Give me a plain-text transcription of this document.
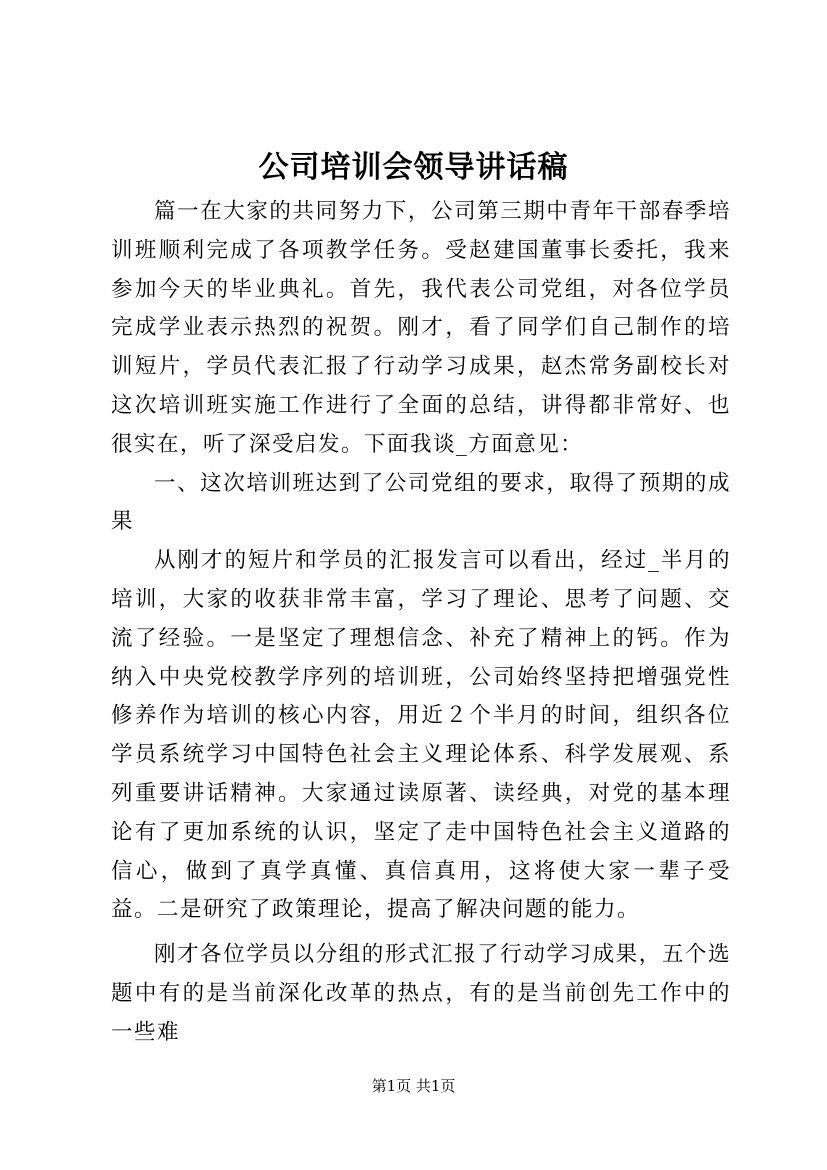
公司培训会领导讲话稿

篇一在大家的共同努力下，公司第三期中青年干部春季培训班顺利完成了各项教学任务。受赵建国董事长委托，我来参加今天的毕业典礼。首先，我代表公司党组，对各位学员完成学业表示热烈的祝贺。刚才，看了同学们自己制作的培训短片，学员代表汇报了行动学习成果，赵杰常务副校长对这次培训班实施工作进行了全面的总结，讲得都非常好、也很实在，听了深受启发。下面我谈_方面意见：

一、这次培训班达到了公司党组的要求，取得了预期的成果

从刚才的短片和学员的汇报发言可以看出，经过_半月的培训，大家的收获非常丰富，学习了理论、思考了问题、交流了经验。一是坚定了理想信念、补充了精神上的钙。作为纳入中央党校教学序列的培训班，公司始终坚持把增强党性修养作为培训的核心内容，用近２个半月的时间，组织各位学员系统学习中国特色社会主义理论体系、科学发展观、系列重要讲话精神。大家通过读原著、读经典，对党的基本理论有了更加系统的认识，坚定了走中国特色社会主义道路的信心，做到了真学真懂、真信真用，这将使大家一辈子受益。二是研究了政策理论，提高了解决问题的能力。

刚才各位学员以分组的形式汇报了行动学习成果，五个选题中有的是当前深化改革的热点，有的是当前创先工作中的一些难

第1页 共1页
